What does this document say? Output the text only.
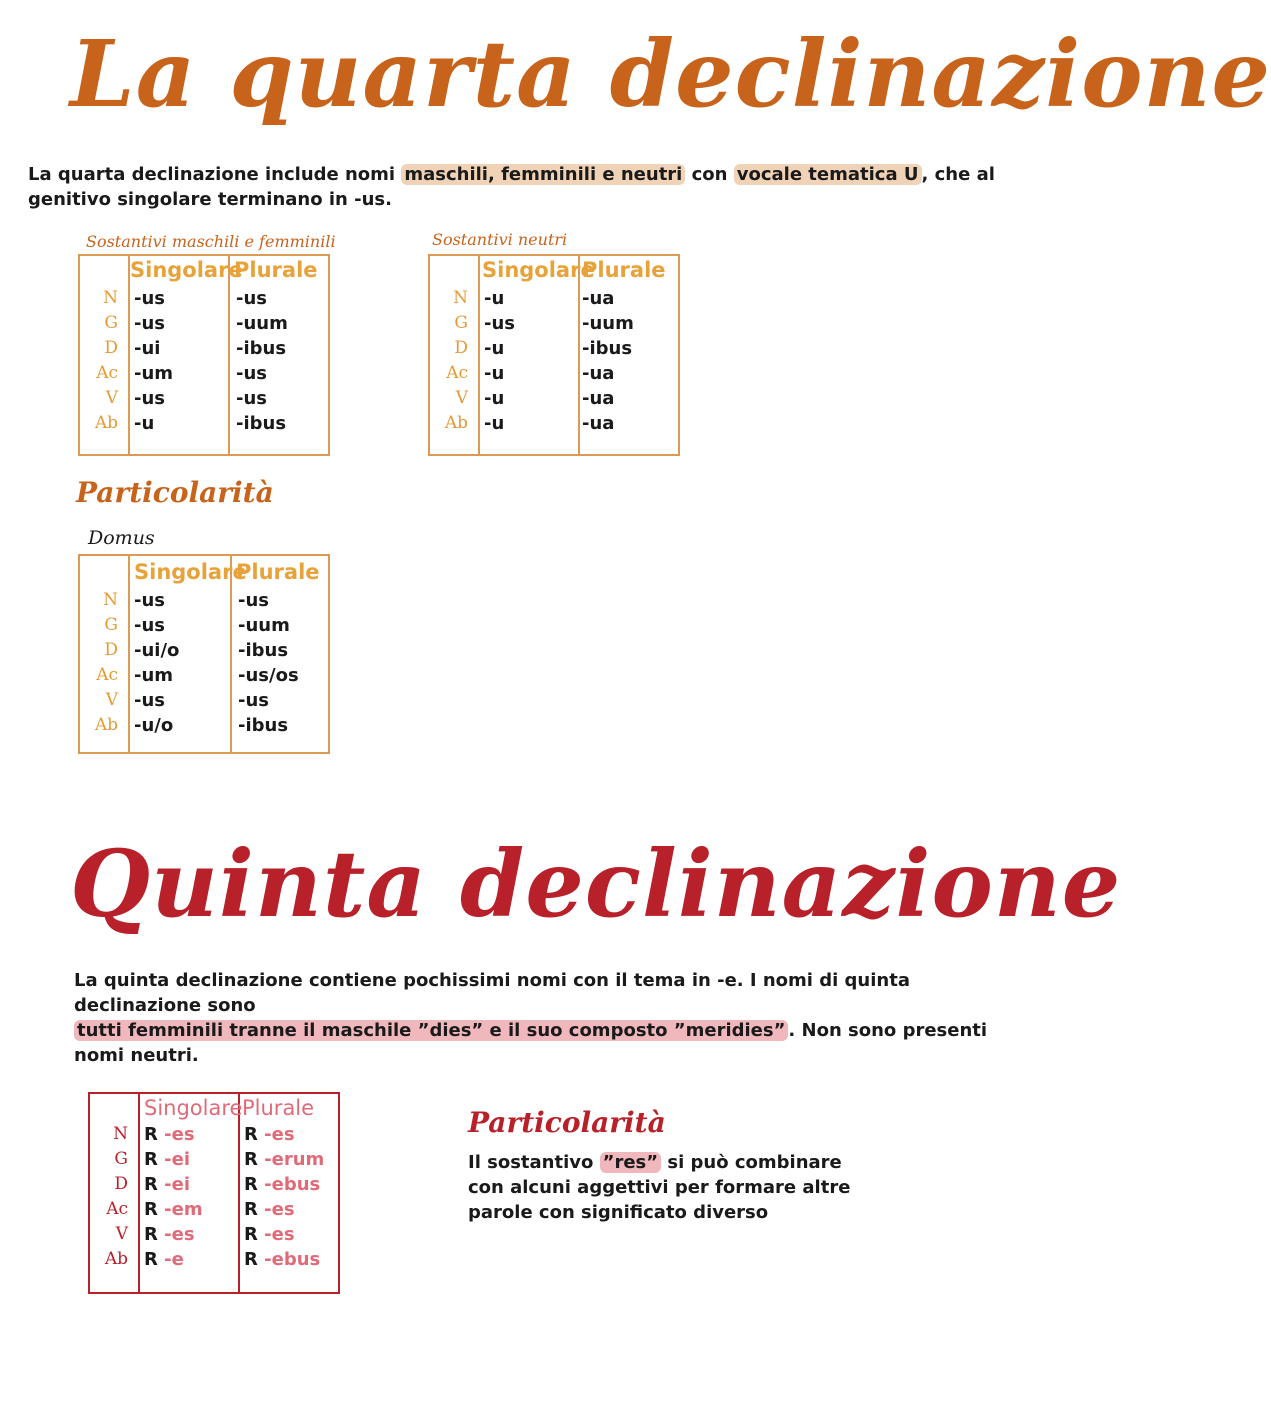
La quarta declinazione
La quarta declinazione include nomi maschili, femminili e neutri con vocale tematica U , che al genitivo singolare terminano in -us.
Sostantivi maschili e femminili
Singolare
Plurale
N
G
D
Ac
V
Ab
-us
-us
-ui
-um
-us
-u
-us
-uum
-ibus
-us
-us
-ibus
Sostantivi neutri
Singolare
Plurale
N
G
D
Ac
V
Ab
-u
-us
-u
-u
-u
-u
-ua
-uum
-ibus
-ua
-ua
-ua
Particolarità
Domus
Singolare
Plurale
N
G
D
Ac
V
Ab
-us
-us
-ui/o
-um
-us
-u/o
-us
-uum
-ibus
-us/os
-us
-ibus
Quinta declinazione
La quinta declinazione contiene pochissimi nomi con il tema in -e. I nomi di quinta declinazione sono
tutti femminili tranne il maschile ”dies” e il suo composto ”meridies” . Non sono presenti nomi neutri.
Singolare Plurale
N
G
D
Ac
V
Ab
R -es
R -ei
R -ei
R -em
R -es
R -e
R -es
R -erum
R -ebus
R -es
R -es
R -ebus
Particolarità
Il sostantivo ”res” si può combinare con alcuni aggettivi per formare altre parole con significato diverso
